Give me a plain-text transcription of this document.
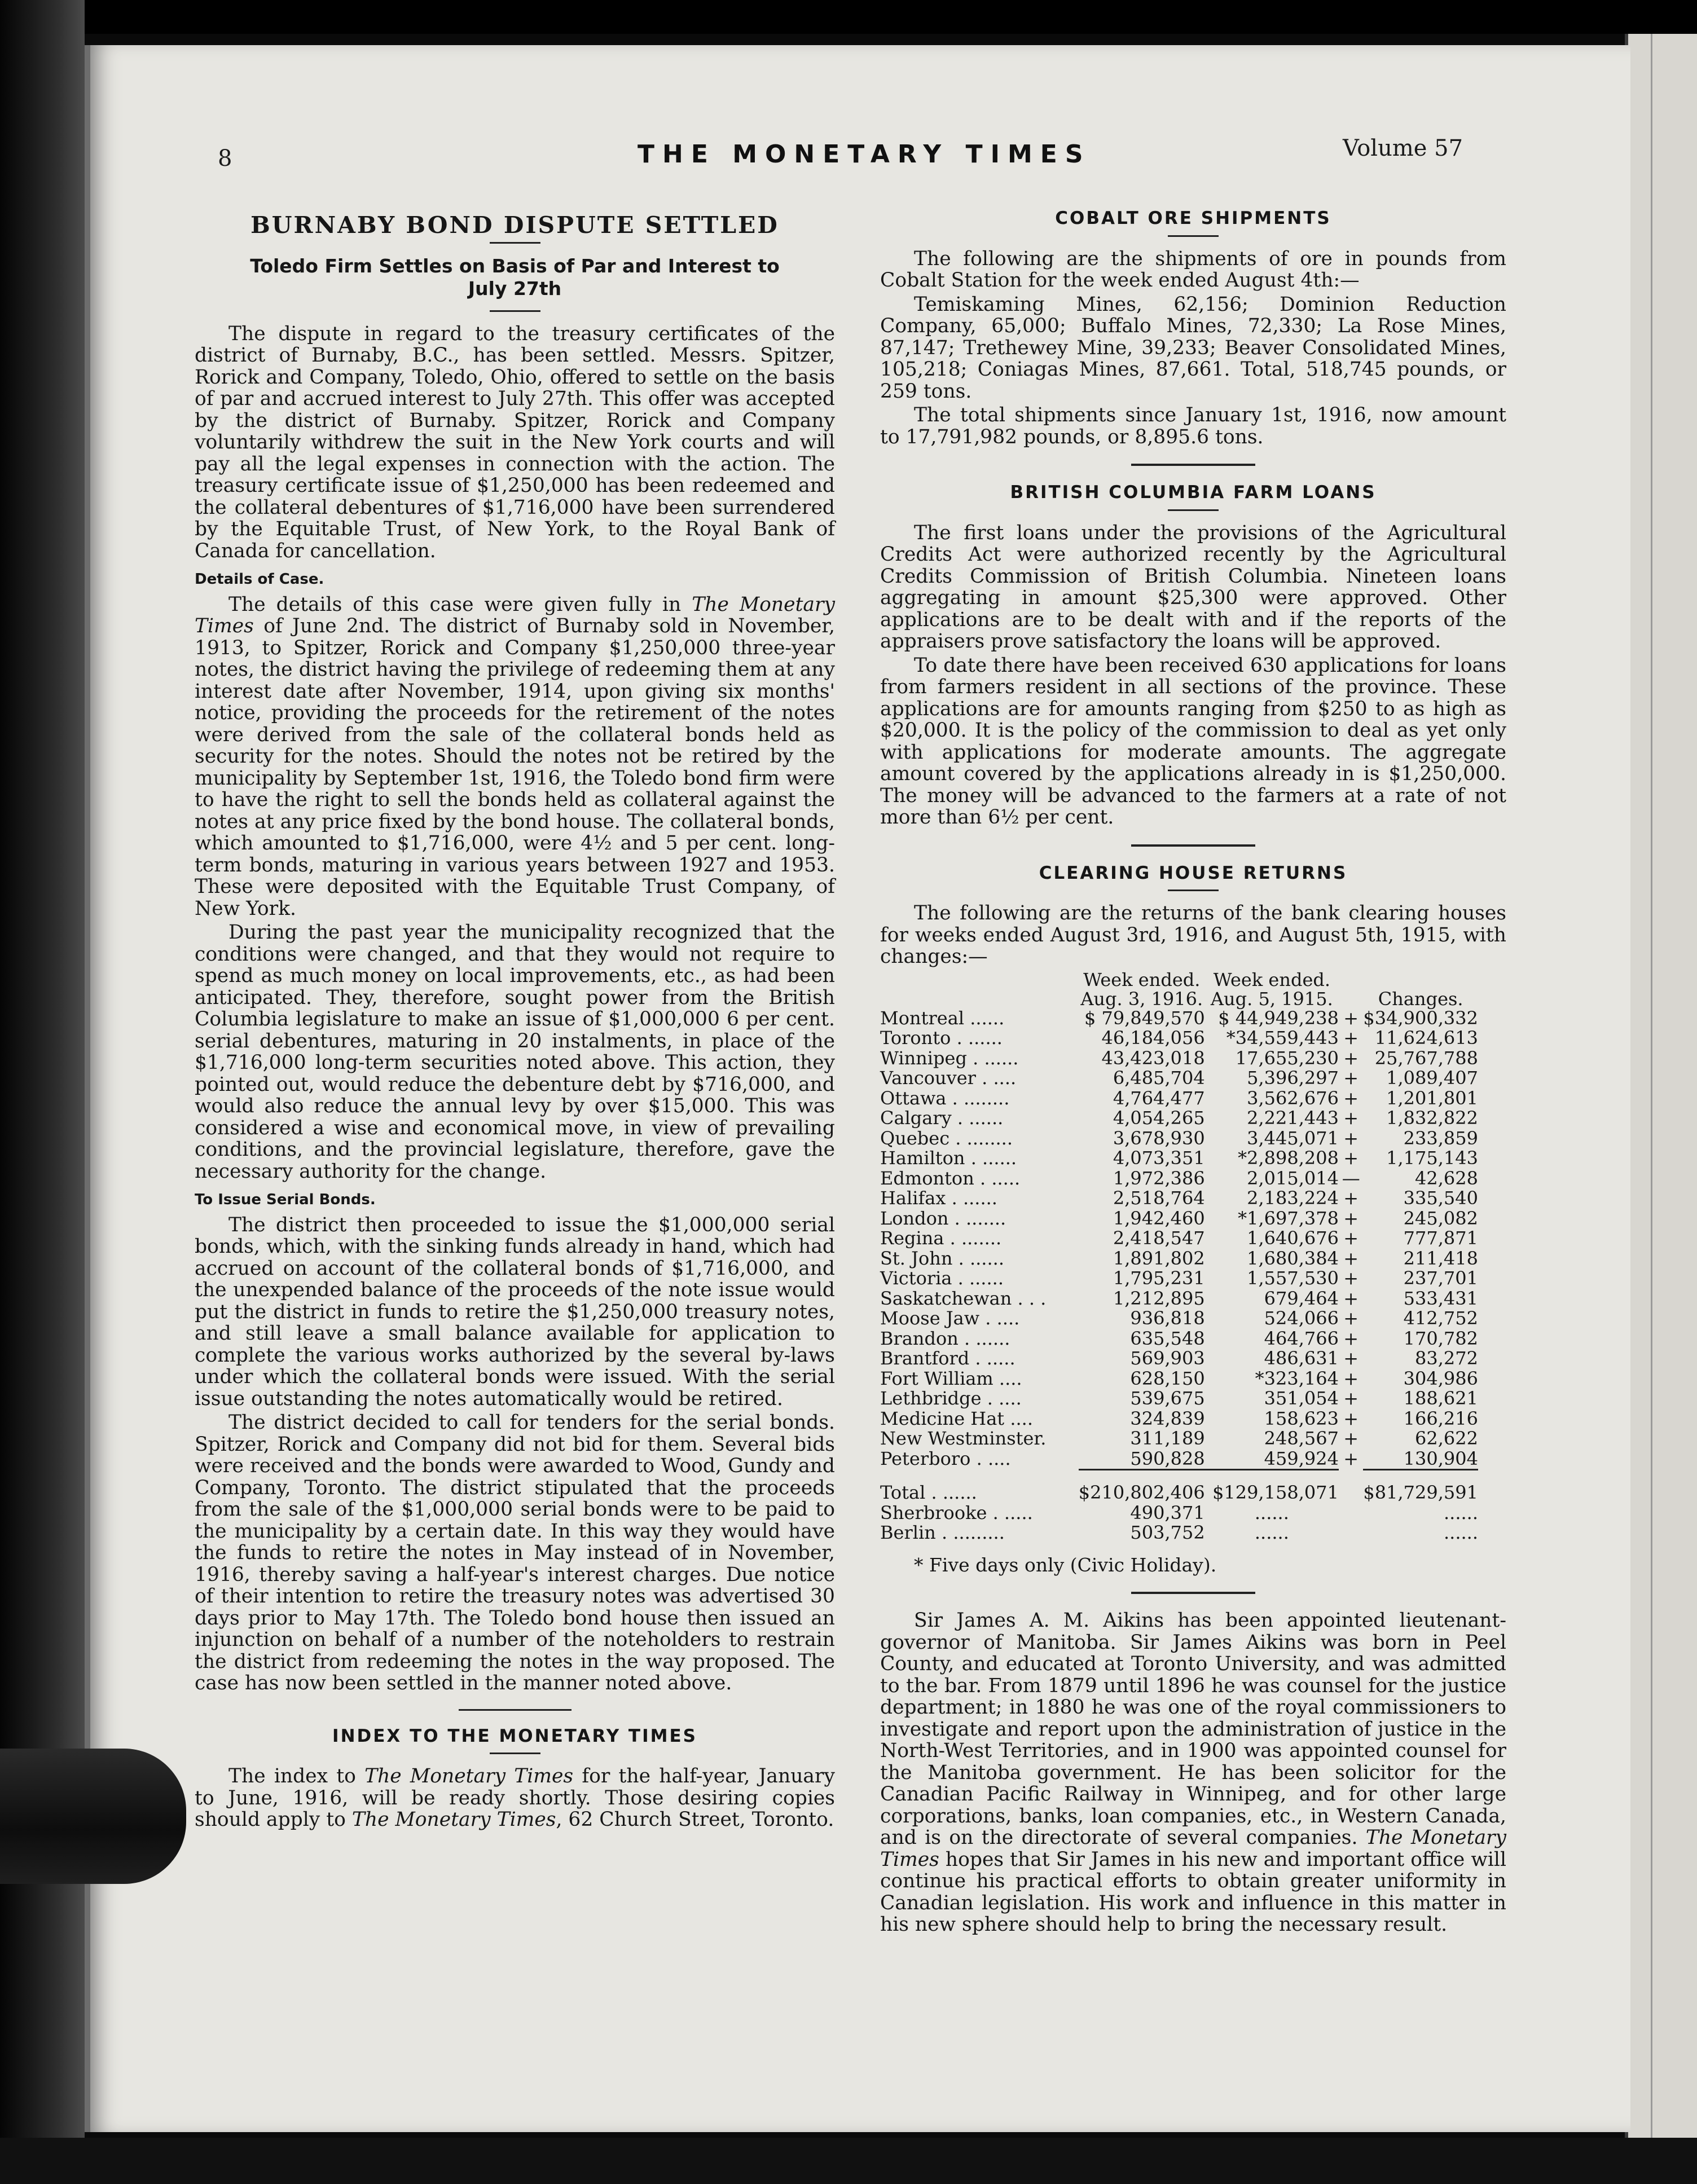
8	THE MONETARY TIMES	Volume 57
BURNABY BOND DISPUTE SETTLED
Toledo Firm Settles on Basis of Par and Interest to July 27th

The dispute in regard to the treasury certificates of the district of Burnaby, B.C., has been settled. Messrs. Spitzer, Rorick and Company, Toledo, Ohio, offered to settle on the basis of par and accrued interest to July 27th. This offer was accepted by the district of Burnaby. Spitzer, Rorick and Company voluntarily withdrew the suit in the New York courts and will pay all the legal expenses in connection with the action. The treasury certificate issue of $1,250,000 has been redeemed and the collateral debentures of $1,716,000 have been surrendered by the Equitable Trust, of New York, to the Royal Bank of Canada for cancellation.

Details of Case.

The details of this case were given fully in The Monetary Times of June 2nd. The district of Burnaby sold in November, 1913, to Spitzer, Rorick and Company $1,250,000 three-year notes, the district having the privilege of redeeming them at any interest date after November, 1914, upon giving six months' notice, providing the proceeds for the retirement of the notes were derived from the sale of the collateral bonds held as security for the notes. Should the notes not be retired by the municipality by September 1st, 1916, the Toledo bond firm were to have the right to sell the bonds held as collateral against the notes at any price fixed by the bond house. The collateral bonds, which amounted to $1,716,000, were 4½ and 5 per cent. long-term bonds, maturing in various years between 1927 and 1953. These were deposited with the Equitable Trust Company, of New York.

During the past year the municipality recognized that the conditions were changed, and that they would not require to spend as much money on local improvements, etc., as had been anticipated. They, therefore, sought power from the British Columbia legislature to make an issue of $1,000,000 6 per cent. serial debentures, maturing in 20 instalments, in place of the $1,716,000 long-term securities noted above. This action, they pointed out, would reduce the debenture debt by $716,000, and would also reduce the annual levy by over $15,000. This was considered a wise and economical move, in view of prevailing conditions, and the provincial legislature, therefore, gave the necessary authority for the change.

To Issue Serial Bonds.

The district then proceeded to issue the $1,000,000 serial bonds, which, with the sinking funds already in hand, which had accrued on account of the collateral bonds of $1,716,000, and the unexpended balance of the proceeds of the note issue would put the district in funds to retire the $1,250,000 treasury notes, and still leave a small balance available for application to complete the various works authorized by the several by-laws under which the collateral bonds were issued. With the serial issue outstanding the notes automatically would be retired.

The district decided to call for tenders for the serial bonds. Spitzer, Rorick and Company did not bid for them. Several bids were received and the bonds were awarded to Wood, Gundy and Company, Toronto. The district stipulated that the proceeds from the sale of the $1,000,000 serial bonds were to be paid to the municipality by a certain date. In this way they would have the funds to retire the notes in May instead of in November, 1916, thereby saving a half-year's interest charges. Due notice of their intention to retire the treasury notes was advertised 30 days prior to May 17th. The Toledo bond house then issued an injunction on behalf of a number of the noteholders to restrain the district from redeeming the notes in the way proposed. The case has now been settled in the manner noted above.

INDEX TO THE MONETARY TIMES

The index to The Monetary Times for the half-year, January to June, 1916, will be ready shortly. Those desiring copies should apply to The Monetary Times, 62 Church Street, Toronto.

COBALT ORE SHIPMENTS

The following are the shipments of ore in pounds from Cobalt Station for the week ended August 4th:—

Temiskaming Mines, 62,156; Dominion Reduction Company, 65,000; Buffalo Mines, 72,330; La Rose Mines, 87,147; Trethewey Mine, 39,233; Beaver Consolidated Mines, 105,218; Coniagas Mines, 87,661. Total, 518,745 pounds, or 259 tons.

The total shipments since January 1st, 1916, now amount to 17,791,982 pounds, or 8,895.6 tons.

BRITISH COLUMBIA FARM LOANS

The first loans under the provisions of the Agricultural Credits Act were authorized recently by the Agricultural Credits Commission of British Columbia. Nineteen loans aggregating in amount $25,300 were approved. Other applications are to be dealt with and if the reports of the appraisers prove satisfactory the loans will be approved.

To date there have been received 630 applications for loans from farmers resident in all sections of the province. These applications are for amounts ranging from $250 to as high as $20,000. It is the policy of the commission to deal as yet only with applications for moderate amounts. The aggregate amount covered by the applications already in is $1,250,000. The money will be advanced to the farmers at a rate of not more than 6½ per cent.

CLEARING HOUSE RETURNS

The following are the returns of the bank clearing houses for weeks ended August 3rd, 1916, and August 5th, 1915, with changes:—

	Week ended.
Aug. 3, 1916.	Week ended.
Aug. 5, 1915.		Changes.
Montreal ......	$ 79,849,570	$ 44,949,238	+	$34,900,332
Toronto . ......	46,184,056	*34,559,443	+	11,624,613
Winnipeg . ......	43,423,018	17,655,230	+	25,767,788
Vancouver . ....	6,485,704	5,396,297	+	1,089,407
Ottawa . ........	4,764,477	3,562,676	+	1,201,801
Calgary . ......	4,054,265	2,221,443	+	1,832,822
Quebec . ........	3,678,930	3,445,071	+	233,859
Hamilton . ......	4,073,351	*2,898,208	+	1,175,143
Edmonton . .....	1,972,386	2,015,014	—	42,628
Halifax . ......	2,518,764	2,183,224	+	335,540
London . .......	1,942,460	*1,697,378	+	245,082
Regina . .......	2,418,547	1,640,676	+	777,871
St. John . ......	1,891,802	1,680,384	+	211,418
Victoria . ......	1,795,231	1,557,530	+	237,701
Saskatchewan . . .	1,212,895	679,464	+	533,431
Moose Jaw . ....	936,818	524,066	+	412,752
Brandon . ......	635,548	464,766	+	170,782
Brantford . .....	569,903	486,631	+	83,272
Fort William ....	628,150	*323,164	+	304,986
Lethbridge . ....	539,675	351,054	+	188,621
Medicine Hat ....	324,839	158,623	+	166,216
New Westminster.	311,189	248,567	+	62,622
Peterboro . ....	590,828	459,924	+	130,904

Total . ......	$210,802,406	$129,158,071		$81,729,591
Sherbrooke . .....	490,371	......		......
Berlin . .........	503,752	......		......
* Five days only (Civic Holiday).

Sir James A. M. Aikins has been appointed lieutenant-governor of Manitoba. Sir James Aikins was born in Peel County, and educated at Toronto University, and was admitted to the bar. From 1879 until 1896 he was counsel for the justice department; in 1880 he was one of the royal commissioners to investigate and report upon the administration of justice in the North-West Territories, and in 1900 was appointed counsel for the Manitoba government. He has been solicitor for the Canadian Pacific Railway in Winnipeg, and for other large corporations, banks, loan companies, etc., in Western Canada, and is on the directorate of several companies. The Monetary Times hopes that Sir James in his new and important office will continue his practical efforts to obtain greater uniformity in Canadian legislation. His work and influence in this matter in his new sphere should help to bring the necessary result.
